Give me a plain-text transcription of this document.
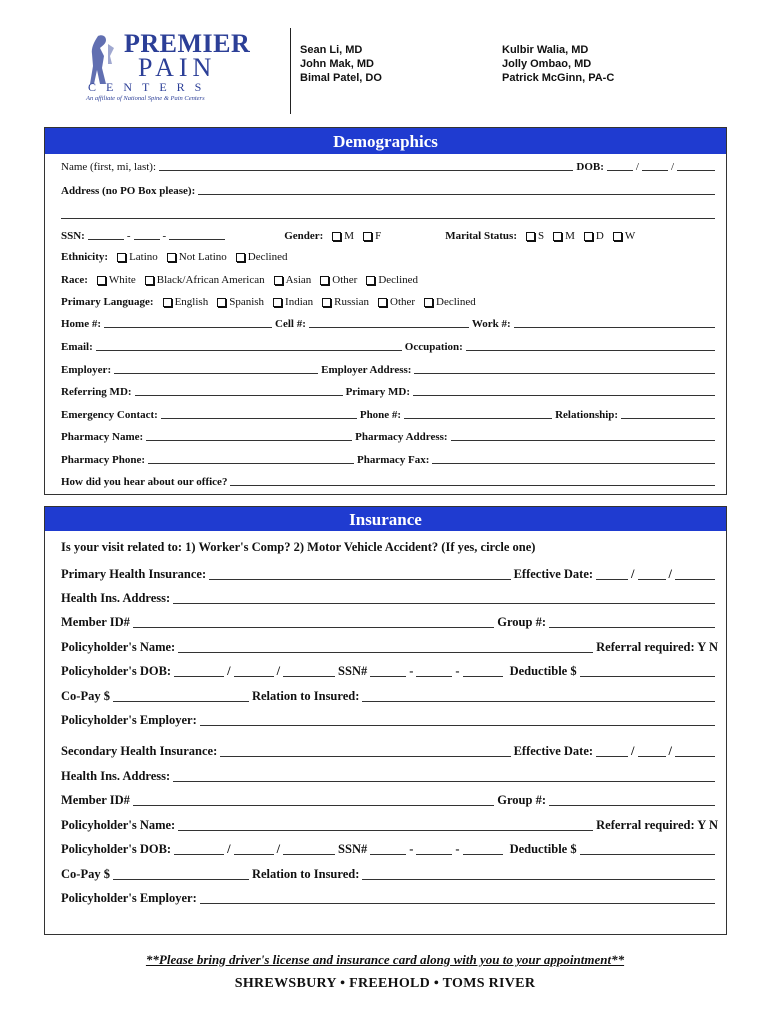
PREMIER
PAIN
CENTERS
An affiliate of National Spine & Pain Centers
Sean Li, MD
John Mak, MD
Bimal Patel, DO
Kulbir Walia, MD
Jolly Ombao, MD
Patrick McGinn, PA-C
Demographics
Name (first, mi, last):	DOB:	/	/
Address (no PO Box please):
SSN:	-	-	Gender: M F	Marital Status: S M D W
Ethnicity: Latino Not Latino Declined
Race: White Black/African American Asian Other Declined
Primary Language: English Spanish Indian Russian Other Declined
Home #:	Cell #:	Work #:
Email:	Occupation:
Employer:	Employer Address:
Referring MD:	Primary MD:
Emergency Contact:	Phone #:	Relationship:
Pharmacy Name:	Pharmacy Address:
Pharmacy Phone:	Pharmacy Fax:
How did you hear about our office?
Insurance
Is your visit related to: 1) Worker's Comp? 2) Motor Vehicle Accident? (If yes, circle one)
Primary Health Insurance:	Effective Date:	/	/
Health Ins. Address:
Member ID#	Group #:
Policyholder's Name:	Referral required: Y N
Policyholder's DOB:	/	/	SSN#	-	-	Deductible $
Co-Pay $	Relation to Insured:
Policyholder's Employer:
Secondary Health Insurance:	Effective Date:	/	/
Health Ins. Address:
Member ID#	Group #:
Policyholder's Name:	Referral required: Y N
Policyholder's DOB:	/	/	SSN#	-	-	Deductible $
Co-Pay $	Relation to Insured:
Policyholder's Employer:
**Please bring driver's license and insurance card along with you to your appointment**
SHREWSBURY • FREEHOLD • TOMS RIVER
